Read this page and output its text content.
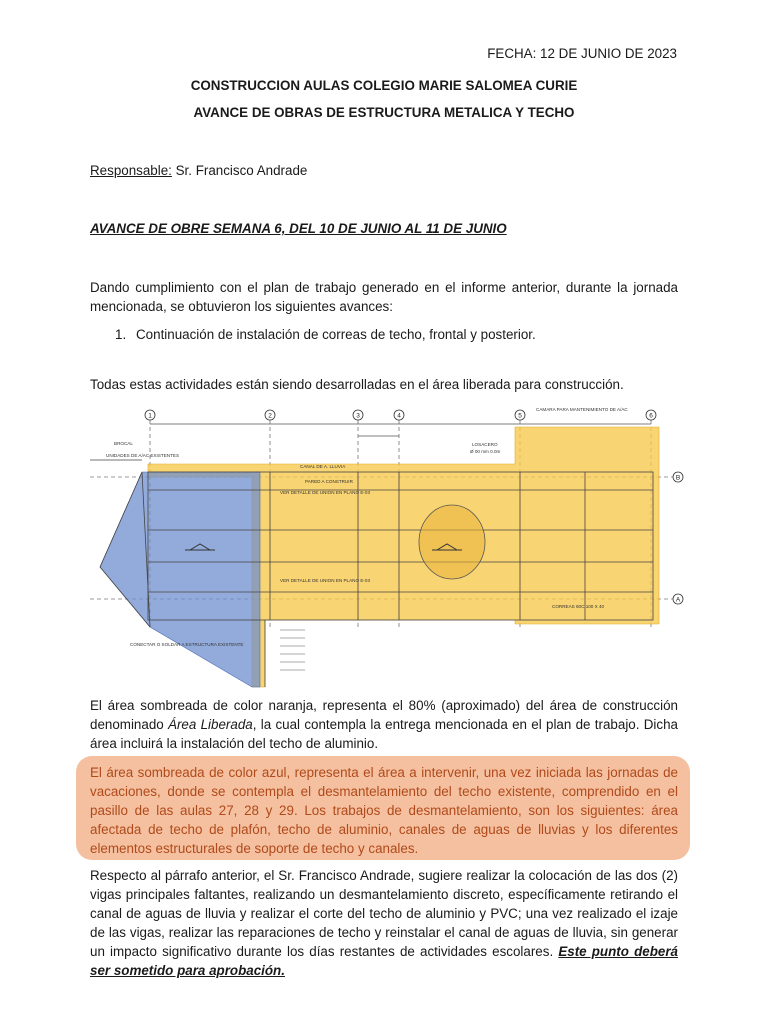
FECHA: 12 DE JUNIO DE 2023
CONSTRUCCION AULAS COLEGIO MARIE SALOMEA CURIE
AVANCE DE OBRAS DE ESTRUCTURA METALICA Y TECHO
Responsable: Sr. Francisco Andrade
AVANCE DE OBRE SEMANA 6, DEL 10 DE JUNIO AL 11 DE JUNIO
Dando cumplimiento con el plan de trabajo generado en el informe anterior, durante la jornada mencionada, se obtuvieron los siguientes avances:
1. Continuación de instalación de correas de techo, frontal y posterior.
Todas estas actividades están siendo desarrolladas en el área liberada para construcción.
1	2	3	4	5	6
B
A
CAMARA PARA MANTENIMIENTO DE A/AC
LOSACERO
Ø 00 mm 0.0m
CANAL DE A. LLUVIA
PARED A CONSTRUIR
VER DETALLE DE UNION EN PLANO E-03
VER DETALLE DE UNION EN PLANO E-03
BROCAL
UNIDADES DE A/AC EXISTENTES
CONECTAR O SOLDAR A ESTRUCTURA EXISTENTE
CORREAS 60C 100 X 40
El área sombreada de color naranja, representa el 80% (aproximado) del área de construcción denominado Área Liberada, la cual contempla la entrega mencionada en el plan de trabajo. Dicha área incluirá la instalación del techo de aluminio.
El área sombreada de color azul, representa el área a intervenir, una vez iniciada las jornadas de vacaciones, donde se contempla el desmantelamiento del techo existente, comprendido en el pasillo de las aulas 27, 28 y 29. Los trabajos de desmantelamiento, son los siguientes: área afectada de techo de plafón, techo de aluminio, canales de aguas de lluvias y los diferentes elementos estructurales de soporte de techo y canales.
Respecto al párrafo anterior, el Sr. Francisco Andrade, sugiere realizar la colocación de las dos (2) vigas principales faltantes, realizando un desmantelamiento discreto, específicamente retirando el canal de aguas de lluvia y realizar el corte del techo de aluminio y PVC; una vez realizado el izaje de las vigas, realizar las reparaciones de techo y reinstalar el canal de aguas de lluvia, sin generar un impacto significativo durante los días restantes de actividades escolares. Este punto deberá ser sometido para aprobación.
